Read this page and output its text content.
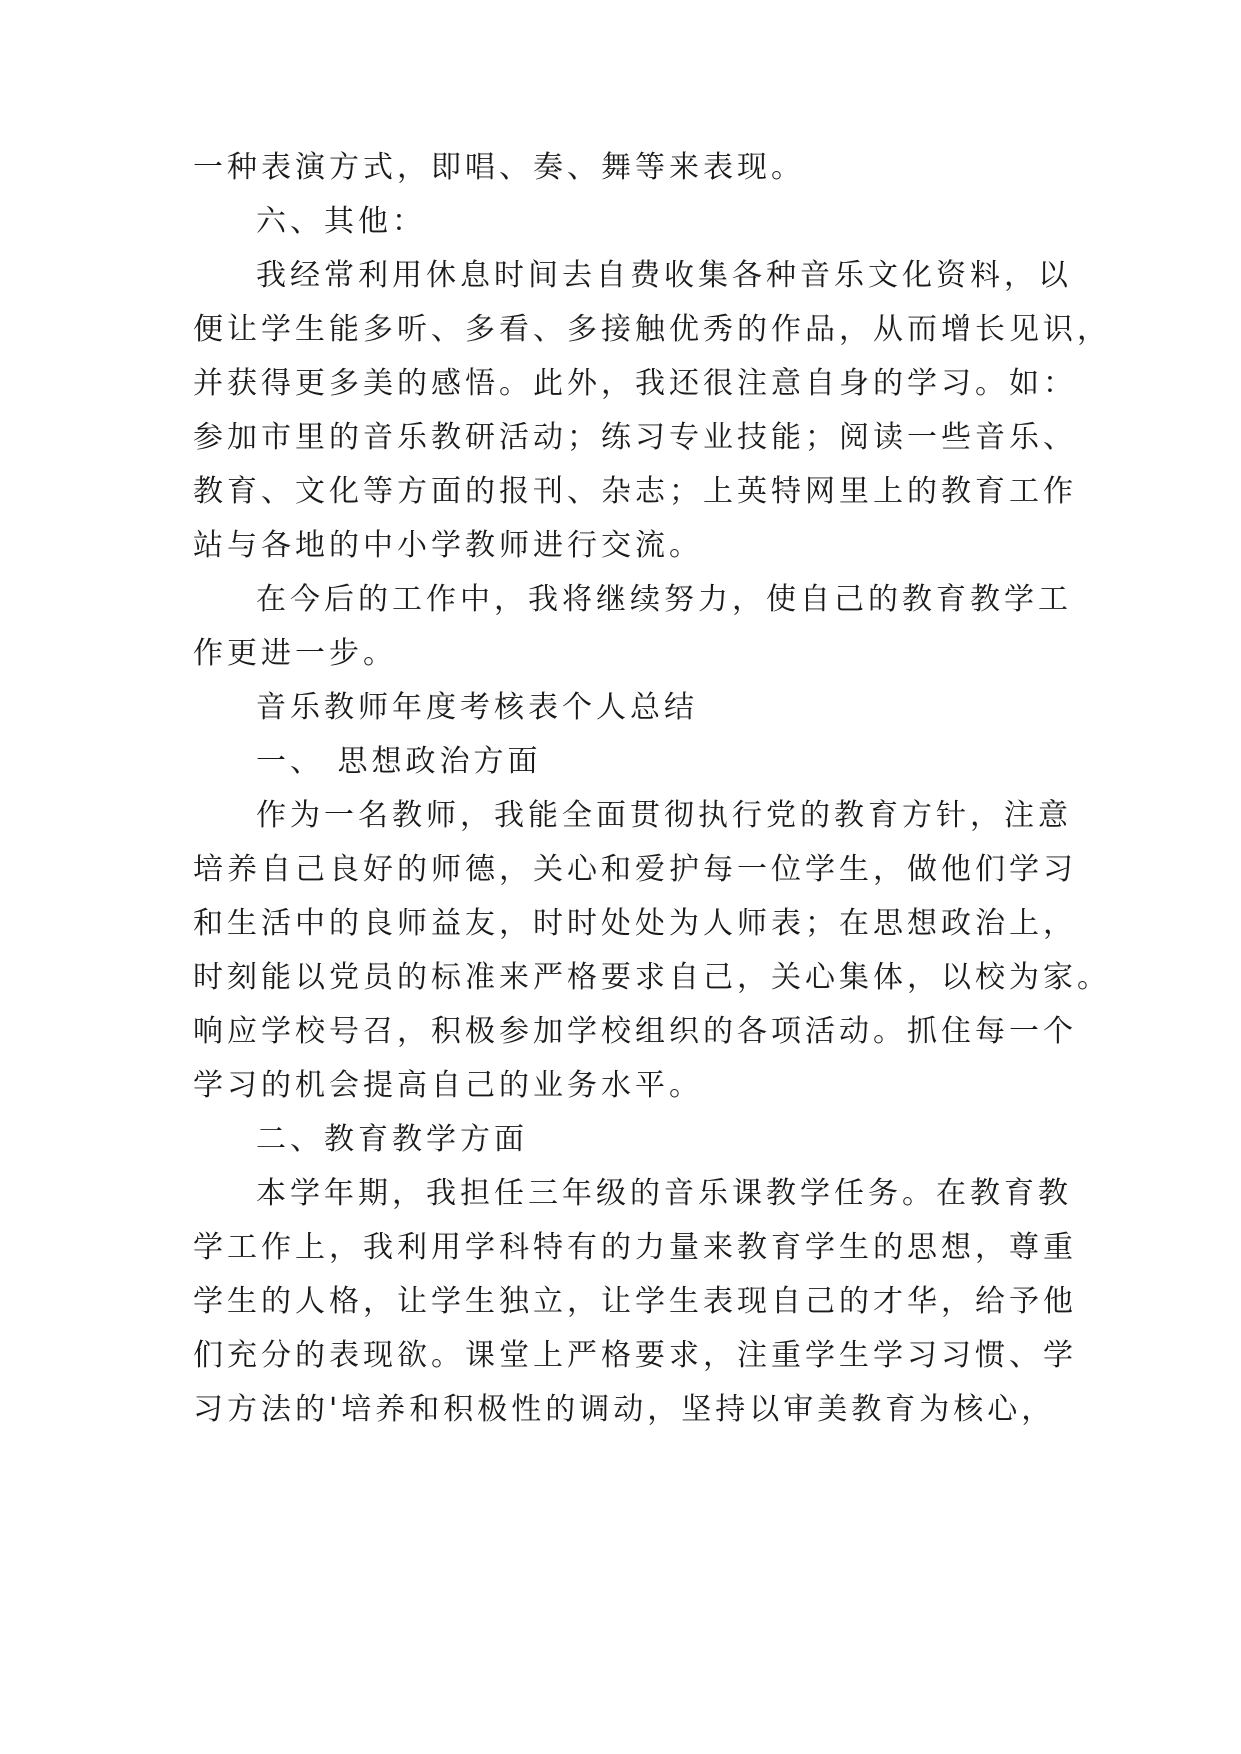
一种表演方式，即唱、奏、舞等来表现。
六、其他：
我经常利用休息时间去自费收集各种音乐文化资料，以
便让学生能多听、多看、多接触优秀的作品，从而增长见识，
并获得更多美的感悟。此外，我还很注意自身的学习。如：
参加市里的音乐教研活动；练习专业技能；阅读一些音乐、
教育、文化等方面的报刊、杂志；上英特网里上的教育工作
站与各地的中小学教师进行交流。
在今后的工作中，我将继续努力，使自己的教育教学工
作更进一步。
音乐教师年度考核表个人总结
一、 思想政治方面
作为一名教师，我能全面贯彻执行党的教育方针，注意
培养自己良好的师德，关心和爱护每一位学生，做他们学习
和生活中的良师益友，时时处处为人师表；在思想政治上，
时刻能以党员的标准来严格要求自己，关心集体，以校为家。
响应学校号召，积极参加学校组织的各项活动。抓住每一个
学习的机会提高自己的业务水平。
二、教育教学方面
本学年期，我担任三年级的音乐课教学任务。在教育教
学工作上，我利用学科特有的力量来教育学生的思想，尊重
学生的人格，让学生独立，让学生表现自己的才华，给予他
们充分的表现欲。课堂上严格要求，注重学生学习习惯、学
习方法的'培养和积极性的调动，坚持以审美教育为核心，
